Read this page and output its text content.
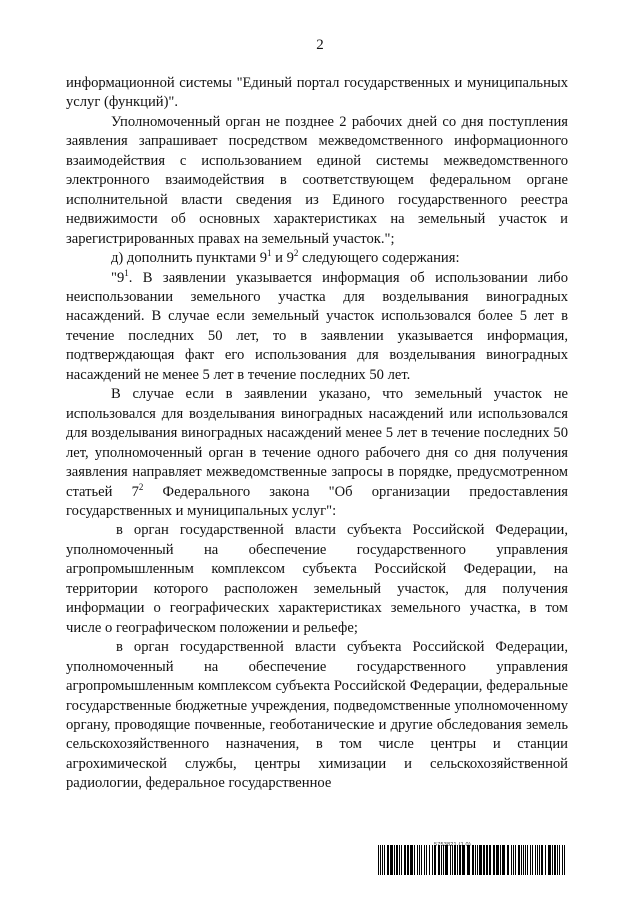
2

информационной системы "Единый портал государственных и муниципальных услуг (функций)".

Уполномоченный орган не позднее 2 рабочих дней со дня поступления заявления запрашивает посредством межведомственного информационного взаимодействия с использованием единой системы межведомственного электронного взаимодействия в соответствующем федеральном органе исполнительной власти сведения из Единого государственного реестра недвижимости об основных характеристиках на земельный участок и зарегистрированных правах на земельный участок.";

д) дополнить пунктами $9^1$ и $9^2$ следующего содержания:

"$9^1$. В заявлении указывается информация об использовании либо неиспользовании земельного участка для возделывания виноградных насаждений. В случае если земельный участок использовался более 5 лет в течение последних 50 лет, то в заявлении указывается информация, подтверждающая факт его использования для возделывания виноградных насаждений не менее 5 лет в течение последних 50 лет.

В случае если в заявлении указано, что земельный участок не использовался для возделывания виноградных насаждений или использовался для возделывания виноградных насаждений менее 5 лет в течение последних 50 лет, уполномоченный орган в течение одного рабочего дня со дня получения заявления направляет межведомственные запросы в порядке, предусмотренном статьей $7^2$ Федерального закона "Об организации предоставления государственных и муниципальных услуг":

в орган государственной власти субъекта Российской Федерации, уполномоченный на обеспечение государственного управления агропромышленным комплексом субъекта Российской Федерации, на территории которого расположен земельный участок, для получения информации о географических характеристиках земельного участка, в том числе о географическом положении и рельефе;

в орган государственной власти субъекта Российской Федерации, уполномоченный на обеспечение государственного управления агропромышленным комплексом субъекта Российской Федерации, федеральные государственные бюджетные учреждения, подведомственные уполномоченному органу, проводящие почвенные, геоботанические и другие обследования земель сельскохозяйственного назначения, в том числе центры и станции агрохимической службы, центры химизации и сельскохозяйственной радиологии, федеральное государственное
